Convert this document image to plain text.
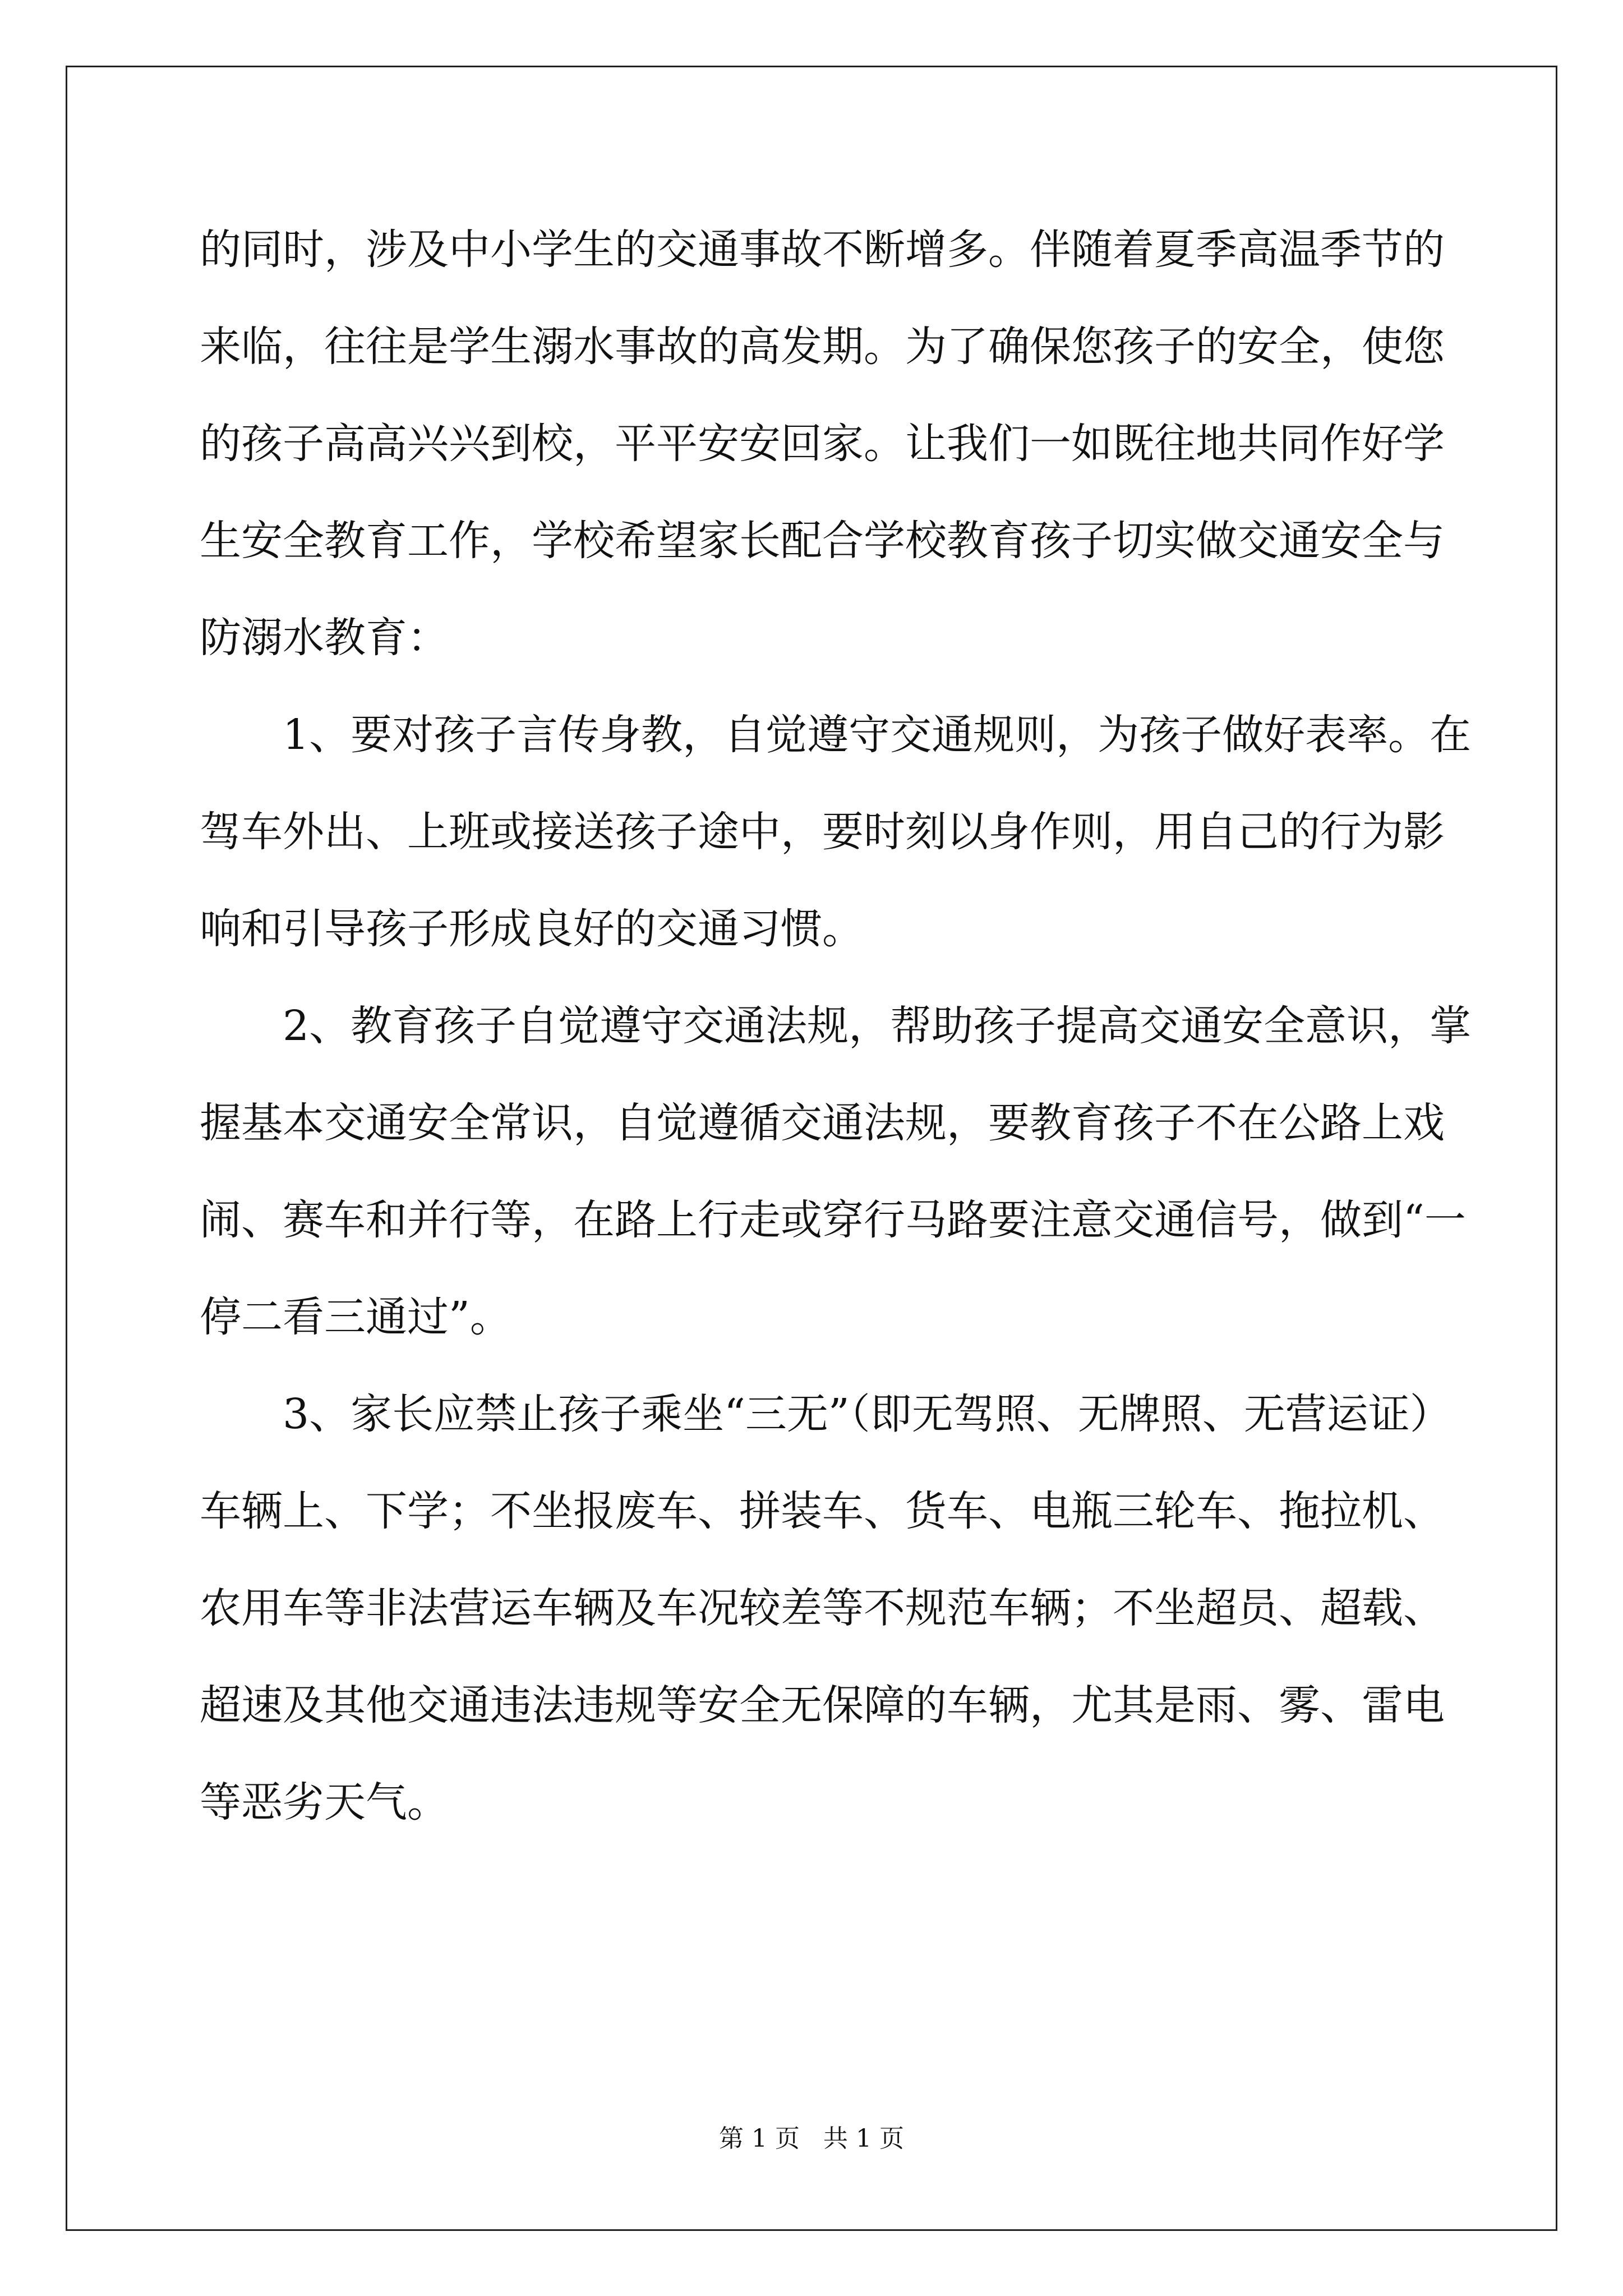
的同时，涉及中小学生的交通事故不断增多。伴随着夏季高温季节的
来临，往往是学生溺水事故的高发期。为了确保您孩子的安全，使您
的孩子高高兴兴到校，平平安安回家。让我们一如既往地共同作好学
生安全教育工作，学校希望家长配合学校教育孩子切实做交通安全与
防溺水教育：
1、要对孩子言传身教，自觉遵守交通规则，为孩子做好表率。在
驾车外出、上班或接送孩子途中，要时刻以身作则，用自己的行为影
响和引导孩子形成良好的交通习惯。
2、教育孩子自觉遵守交通法规，帮助孩子提高交通安全意识，掌
握基本交通安全常识，自觉遵循交通法规，要教育孩子不在公路上戏
闹、赛车和并行等，在路上行走或穿行马路要注意交通信号，做到“一
停二看三通过”。
3、家长应禁止孩子乘坐“三无”（即无驾照、无牌照、无营运证）
车辆上、下学；不坐报废车、拼装车、货车、电瓶三轮车、拖拉机、
农用车等非法营运车辆及车况较差等不规范车辆；不坐超员、超载、
超速及其他交通违法违规等安全无保障的车辆，尤其是雨、雾、雷电
等恶劣天气。
第 1 页   共 1 页
